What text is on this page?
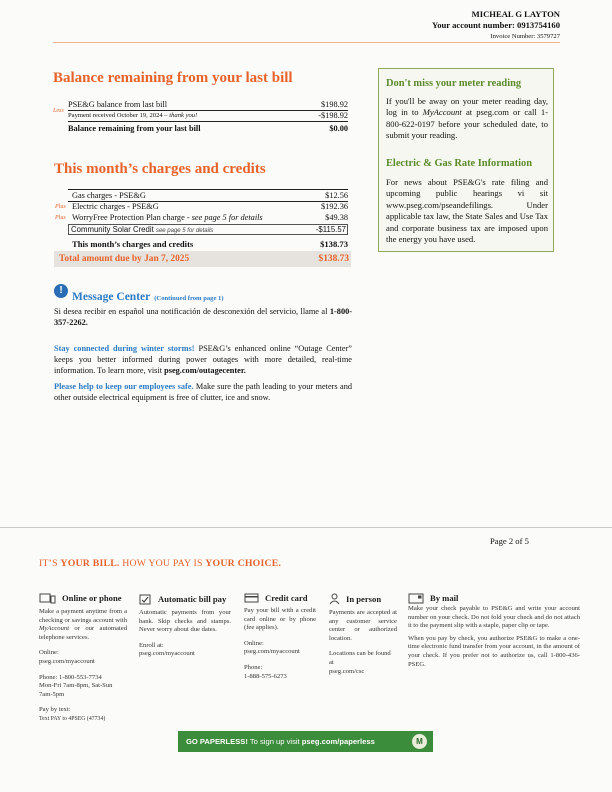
MICHEAL G LAYTON
Your account number: 0913754160
Invoice Number: 3579727
Balance remaining from your last bill
Less
PSE&G balance from last bill	$198.92
Payment received October 19, 2024 – thank you!	-$198.92
Balance remaining from your last bill	$0.00
This month’s charges and credits
Gas charges - PSE&G	$12.56
Plus Electric charges - PSE&G	$192.36
Plus WorryFree Protection Plan charge - see page 5 for details	$49.38
Community Solar Credit see page 5 for details	-$115.57
This month’s charges and credits	$138.73
Total amount due by Jan 7, 2025	$138.73
!
Message Center (Continued from page 1)
Si desea recibir en español una notificación de desconexión del servicio, llame al 1-800-357-2262.
Stay connected during winter storms! PSE&G’s enhanced online “Outage Center” keeps you better informed during power outages with more detailed, real-time information. To learn more, visit pseg.com/outagecenter.
Please help to keep our employees safe. Make sure the path leading to your meters and other outside electrical equipment is free of clutter, ice and snow.
Don't miss your meter reading
If you'll be away on your meter reading day, log in to MyAccount at pseg.com or call 1-800-622-0197 before your scheduled date, to submit your reading.
Electric & Gas Rate Information
For news about PSE&G's rate filing and upcoming public hearings vi sit www.pseg.com/pseandefilings. Under applicable tax law, the State Sales and Use Tax and corporate business tax are imposed upon the energy you have used.
Page 2 of 5
IT’S YOUR BILL. HOW YOU PAY IS YOUR CHOICE.
Online or phone
Make a payment anytime from a checking or savings account with MyAccount or our automated telephone services.
Online:
pseg.com/myaccount
Phone: 1-800-553-7734
Mon-Fri 7am-8pm, Sat-Sun 7am-5pm
Pay by text:
Text PAY to 4PSEG (47734)
Automatic bill pay
Automatic payments from your bank. Skip checks and stamps. Never worry about due dates.
Enroll at:
pseg.com/myaccount
Credit card
Pay your bill with a credit card online or by phone (fee applies).
Online:
pseg.com/myaccount
Phone:
1-888-575-6273
In person
Payments are accepted at any customer service center or authorized location.
Locations can be found at
pseg.com/csc
By mail
Make your check payable to PSE&G and write your account number on your check. Do not fold your check and do not attach it to the payment slip with a staple, paper clip or tape.
When you pay by check, you authorize PSE&G to make a one-time electronic fund transfer from your account, in the amount of your check. If you prefer not to authorize us, call 1-800-436-PSEG.
GO PAPERLESS! To sign up visit pseg.com/paperless	M
